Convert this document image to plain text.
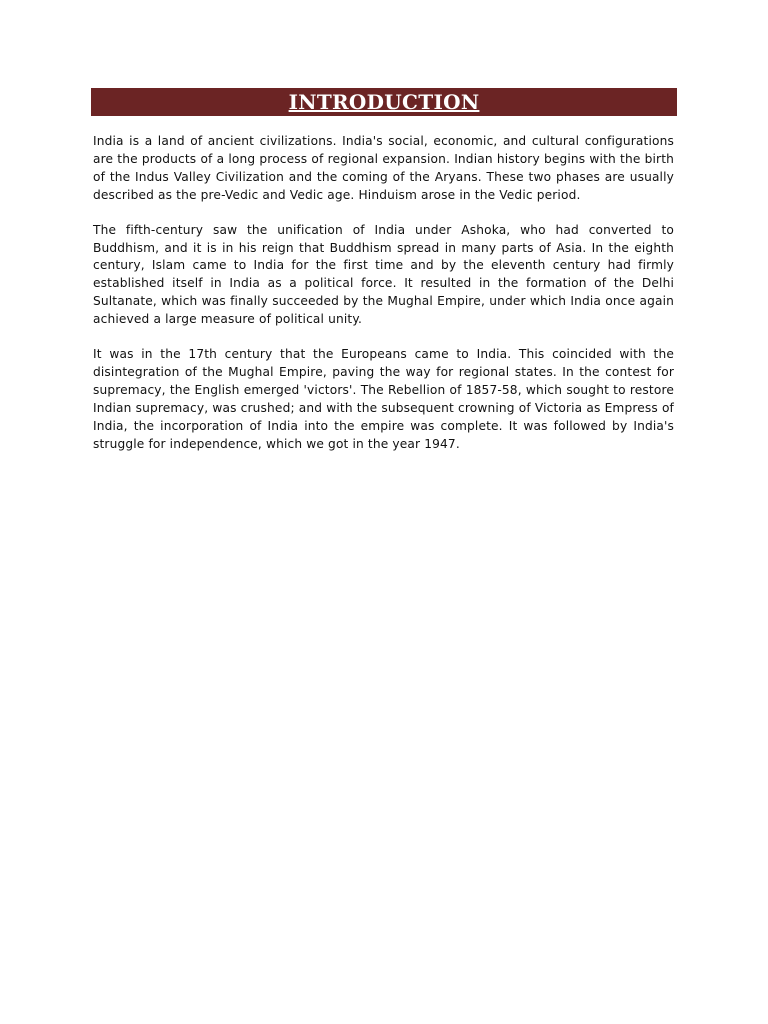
INTRODUCTION

India is a land of ancient civilizations. India's social, economic, and cultural configurations are the products of a long process of regional expansion. Indian history begins with the birth of the Indus Valley Civilization and the coming of the Aryans. These two phases are usually described as the pre-Vedic and Vedic age. Hinduism arose in the Vedic period.

The fifth-century saw the unification of India under Ashoka, who had converted to Buddhism, and it is in his reign that Buddhism spread in many parts of Asia. In the eighth century, Islam came to India for the first time and by the eleventh century had firmly established itself in India as a political force. It resulted in the formation of the Delhi Sultanate, which was finally succeeded by the Mughal Empire, under which India once again achieved a large measure of political unity.

It was in the 17th century that the Europeans came to India. This coincided with the disintegration of the Mughal Empire, paving the way for regional states. In the contest for supremacy, the English emerged 'victors'. The Rebellion of 1857-58, which sought to restore Indian supremacy, was crushed; and with the subsequent crowning of Victoria as Empress of India, the incorporation of India into the empire was complete. It was followed by India's struggle for independence, which we got in the year 1947.
